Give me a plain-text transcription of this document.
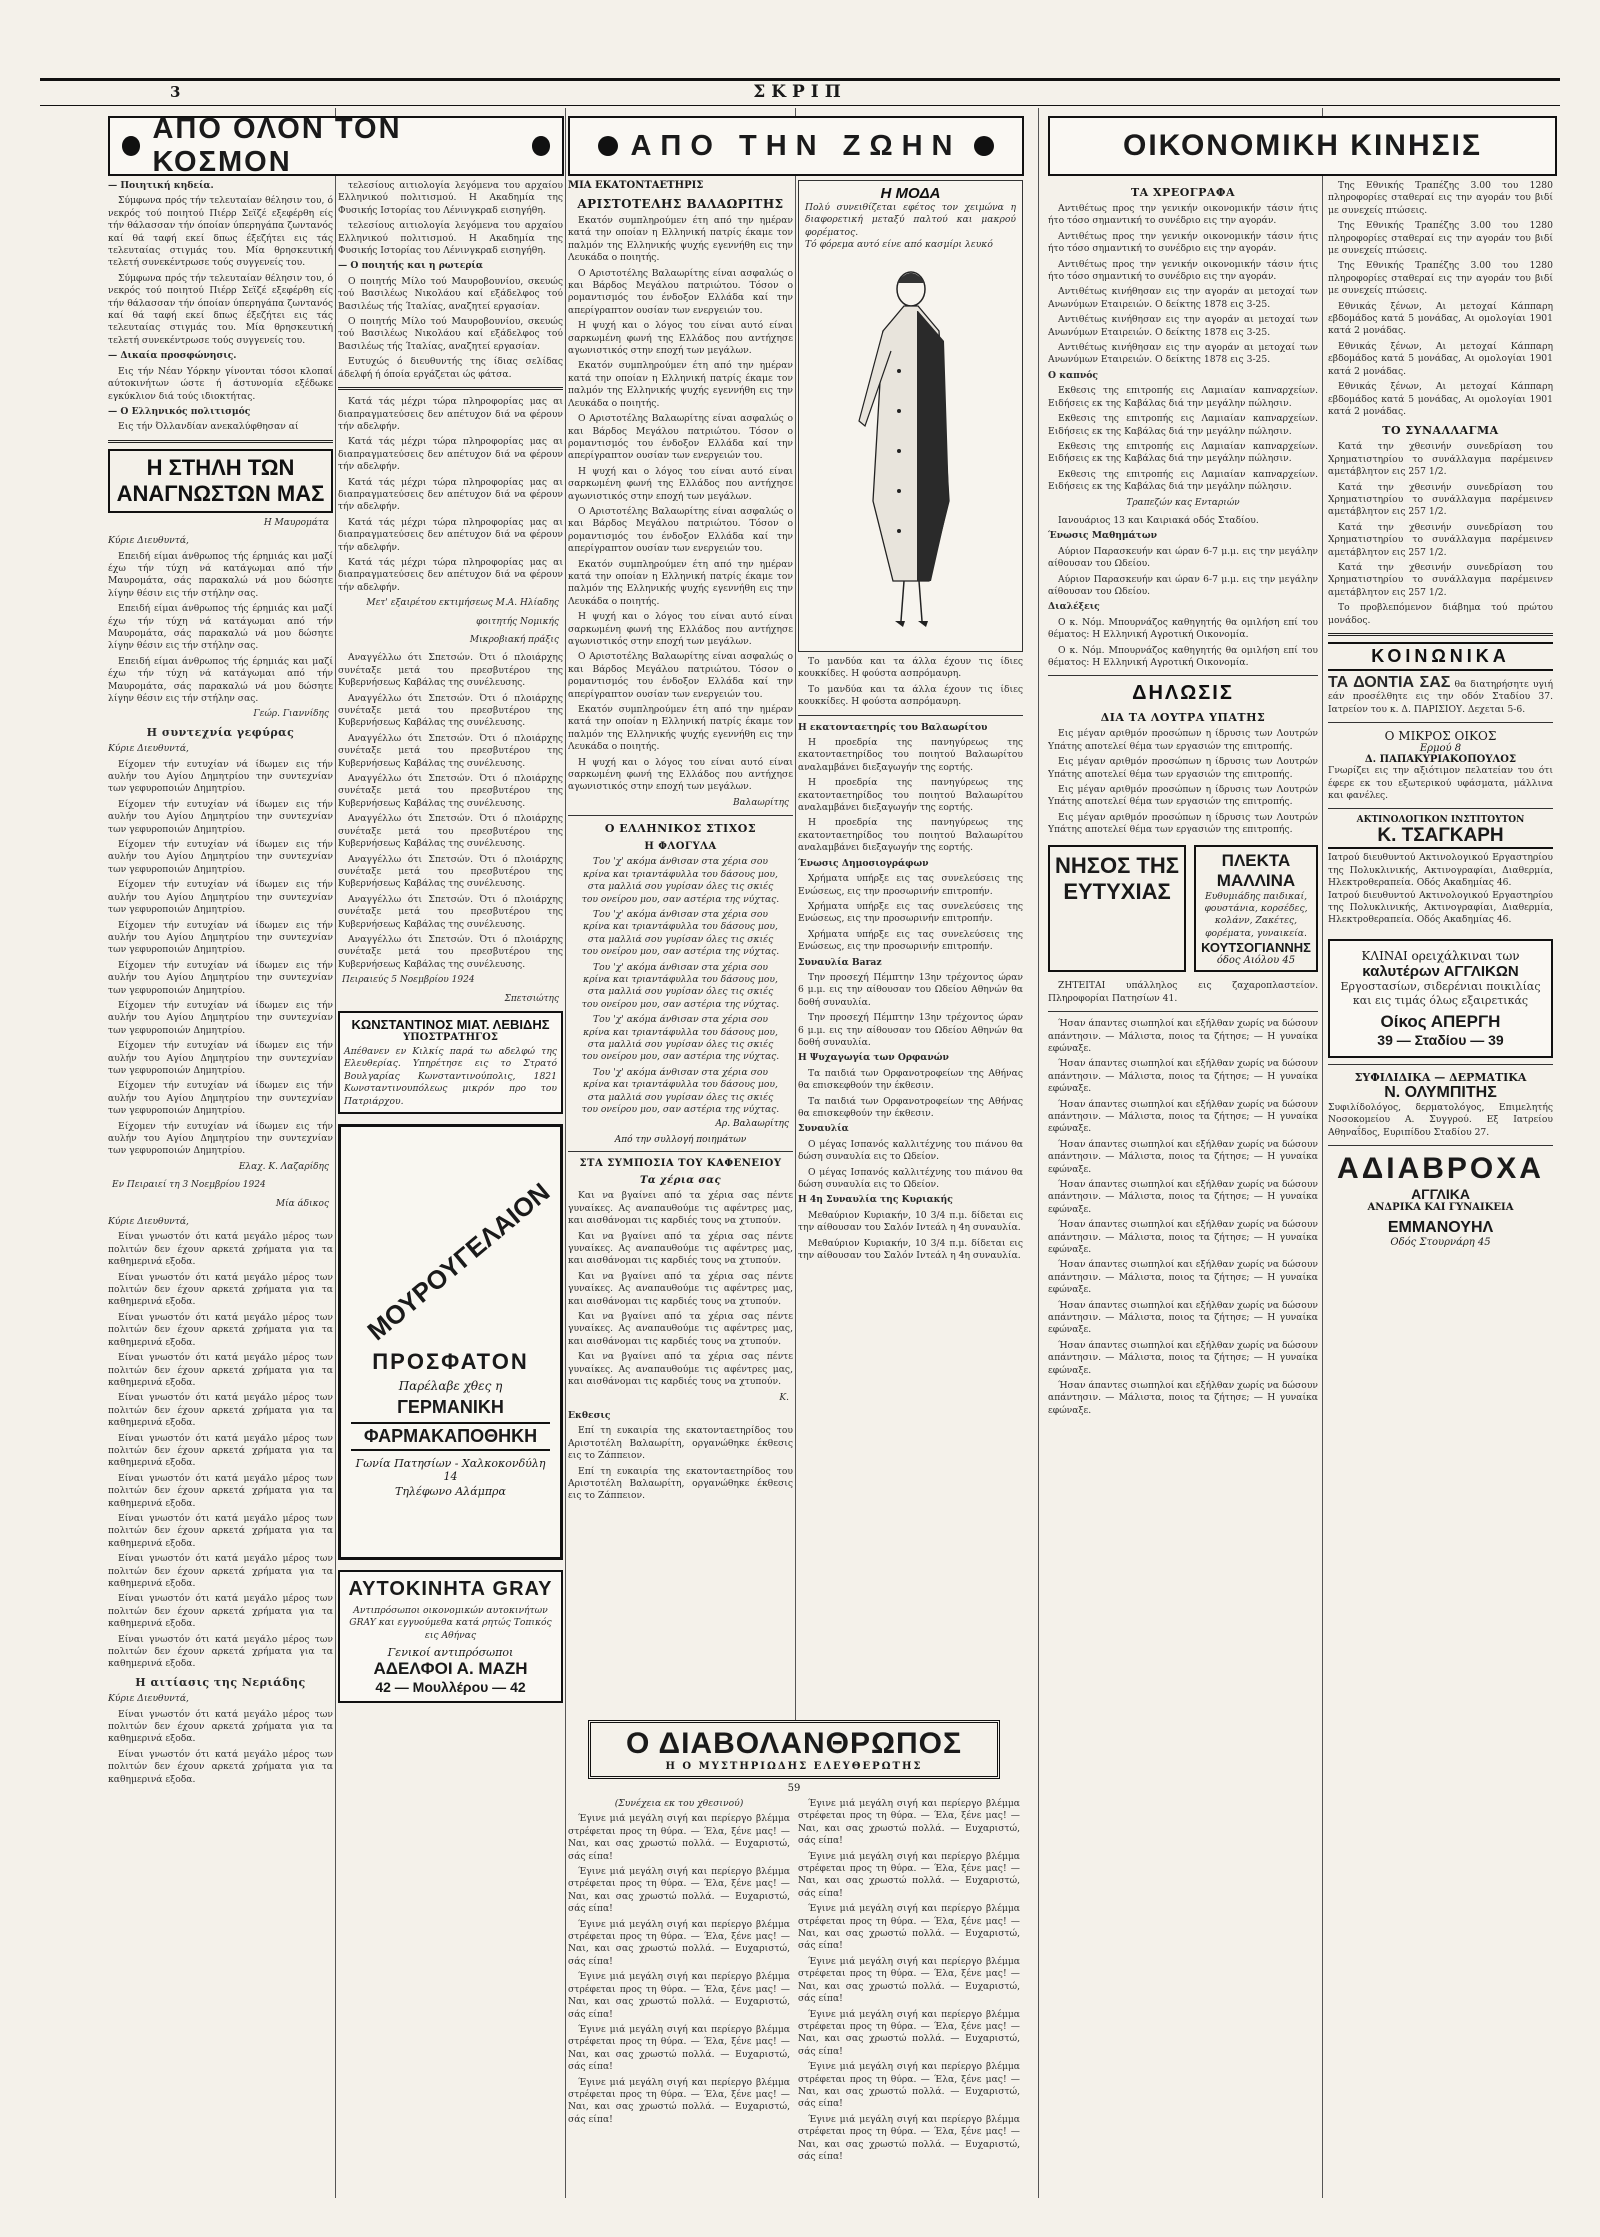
3	ΣΚΡΙΠ
ΑΠΟ ΟΛΟΝ ΤΟΝ ΚΟΣΜΟΝ
ΑΠΟ ΤΗΝ ΖΩΗΝ	ΟΙΚΟΝΟΜΙΚΗ ΚΙΝΗΣΙΣ

— Ποιητική κηδεία.

Σύμφωνα πρός τήν τελευταίαν θέλησιν του, ό νεκρός τού ποιητού Πιέρρ Σεϊζέ εξεφέρθη είς τήν θάλασσαν τήν όποίαν ύπερηγάπα ζωντανός καί θά ταφή εκεί δπως έξεζήτει εις τάς τελευταίας στιγμάς του. Μία θρησκευτική τελετή συνεκέντρωσε τούς συγγενείς του.

Σύμφωνα πρός τήν τελευταίαν θέλησιν του, ό νεκρός τού ποιητού Πιέρρ Σεϊζέ εξεφέρθη είς τήν θάλασσαν τήν όποίαν ύπερηγάπα ζωντανός καί θά ταφή εκεί δπως έξεζήτει εις τάς τελευταίας στιγμάς του. Μία θρησκευτική τελετή συνεκέντρωσε τούς συγγενείς του.

— Δικαία προσφώνησις.

Εις τήν Νέαν Υόρκην γίνονται τόσοι κλοπαί αύτοκινήτων ώστε ή άστυνομία εξέδωκε εγκύκλιον διά τούς ιδιοκτήτας.

— Ο Ελληνικός πολιτισμός

Εις τήν Όλλανδίαν ανεκαλύφθησαν αί

Η ΣΤΗΛΗ ΤΩΝ ΑΝΑΓΝΩΣΤΩΝ ΜΑΣ
Η Μαυρομάτα

Κύριε Διευθυντά,

Επειδή είμαι άνθρωπος τής έρημιάς και μαζί έχω τήν τύχη νά κατάγωμαι από τήν Μαυρομάτα, σάς παρακαλώ νά μου δώσητε λίγην θέσιν εις τήν στήλην σας.

Επειδή είμαι άνθρωπος τής έρημιάς και μαζί έχω τήν τύχη νά κατάγωμαι από τήν Μαυρομάτα, σάς παρακαλώ νά μου δώσητε λίγην θέσιν εις τήν στήλην σας.

Επειδή είμαι άνθρωπος τής έρημιάς και μαζί έχω τήν τύχη νά κατάγωμαι από τήν Μαυρομάτα, σάς παρακαλώ νά μου δώσητε λίγην θέσιν εις τήν στήλην σας.

Γεώρ. Γιαννίδης
Η συντεχνία γεφύρας

Κύριε Διευθυντά,

Είχομεν τήν ευτυχίαν νά ίδωμεν εις τήν αυλήν του Αγίου Δημητρίου την συντεχνίαν των γεφυροποιών Δημητρίου.

Είχομεν τήν ευτυχίαν νά ίδωμεν εις τήν αυλήν του Αγίου Δημητρίου την συντεχνίαν των γεφυροποιών Δημητρίου.

Είχομεν τήν ευτυχίαν νά ίδωμεν εις τήν αυλήν του Αγίου Δημητρίου την συντεχνίαν των γεφυροποιών Δημητρίου.

Είχομεν τήν ευτυχίαν νά ίδωμεν εις τήν αυλήν του Αγίου Δημητρίου την συντεχνίαν των γεφυροποιών Δημητρίου.

Είχομεν τήν ευτυχίαν νά ίδωμεν εις τήν αυλήν του Αγίου Δημητρίου την συντεχνίαν των γεφυροποιών Δημητρίου.

Είχομεν τήν ευτυχίαν νά ίδωμεν εις τήν αυλήν του Αγίου Δημητρίου την συντεχνίαν των γεφυροποιών Δημητρίου.

Είχομεν τήν ευτυχίαν νά ίδωμεν εις τήν αυλήν του Αγίου Δημητρίου την συντεχνίαν των γεφυροποιών Δημητρίου.

Είχομεν τήν ευτυχίαν νά ίδωμεν εις τήν αυλήν του Αγίου Δημητρίου την συντεχνίαν των γεφυροποιών Δημητρίου.

Είχομεν τήν ευτυχίαν νά ίδωμεν εις τήν αυλήν του Αγίου Δημητρίου την συντεχνίαν των γεφυροποιών Δημητρίου.

Είχομεν τήν ευτυχίαν νά ίδωμεν εις τήν αυλήν του Αγίου Δημητρίου την συντεχνίαν των γεφυροποιών Δημητρίου.

Ελαχ. Κ. Λαζαρίδης
Εν Πειραιεί τη 3 Νοεμβρίου 1924
Μία άδικος

Κύριε Διευθυντά,

Είναι γνωστόν ότι κατά μεγάλο μέρος των πολιτών δεν έχουν αρκετά χρήματα για τα καθημερινά εξοδα.

Είναι γνωστόν ότι κατά μεγάλο μέρος των πολιτών δεν έχουν αρκετά χρήματα για τα καθημερινά εξοδα.

Είναι γνωστόν ότι κατά μεγάλο μέρος των πολιτών δεν έχουν αρκετά χρήματα για τα καθημερινά εξοδα.

Είναι γνωστόν ότι κατά μεγάλο μέρος των πολιτών δεν έχουν αρκετά χρήματα για τα καθημερινά εξοδα.

Είναι γνωστόν ότι κατά μεγάλο μέρος των πολιτών δεν έχουν αρκετά χρήματα για τα καθημερινά εξοδα.

Είναι γνωστόν ότι κατά μεγάλο μέρος των πολιτών δεν έχουν αρκετά χρήματα για τα καθημερινά εξοδα.

Είναι γνωστόν ότι κατά μεγάλο μέρος των πολιτών δεν έχουν αρκετά χρήματα για τα καθημερινά εξοδα.

Είναι γνωστόν ότι κατά μεγάλο μέρος των πολιτών δεν έχουν αρκετά χρήματα για τα καθημερινά εξοδα.

Είναι γνωστόν ότι κατά μεγάλο μέρος των πολιτών δεν έχουν αρκετά χρήματα για τα καθημερινά εξοδα.

Είναι γνωστόν ότι κατά μεγάλο μέρος των πολιτών δεν έχουν αρκετά χρήματα για τα καθημερινά εξοδα.

Είναι γνωστόν ότι κατά μεγάλο μέρος των πολιτών δεν έχουν αρκετά χρήματα για τα καθημερινά εξοδα.

Η αιτίασις της Νεριάδης

Κύριε Διευθυντά,

Είναι γνωστόν ότι κατά μεγάλο μέρος των πολιτών δεν έχουν αρκετά χρήματα για τα καθημερινά εξοδα.

Είναι γνωστόν ότι κατά μεγάλο μέρος των πολιτών δεν έχουν αρκετά χρήματα για τα καθημερινά εξοδα.

τελεσίους αιτιολογία λεγόμενα του αρχαίου Ελληνικού πολιτισμού. Η Ακαδημία της Φυσικής Ιστορίας του Λένινγκραδ εισηγήθη.

τελεσίους αιτιολογία λεγόμενα του αρχαίου Ελληνικού πολιτισμού. Η Ακαδημία της Φυσικής Ιστορίας του Λένινγκραδ εισηγήθη.

— Ο ποιητής και η ρωτερία

Ο ποιητής Μίλο τού Μαυροβουνίου, σκευώς τού Βασιλέως Νικολάου καί εξάδελφος τού Βασιλέως τής Ίταλίας, αναζητεί εργασίαν.

Ο ποιητής Μίλο τού Μαυροβουνίου, σκευώς τού Βασιλέως Νικολάου καί εξάδελφος τού Βασιλέως τής Ίταλίας, αναζητεί εργασίαν.

Ευτυχώς ό διευθυντής της ίδιας σελίδας άδελφή ή όποία εργάζεται ώς φάτσα.

Κατά τάς μέχρι τώρα πληροφορίας μας αι διαπραγματεύσεις δεν απέτυχον διά να φέρουν τήν αδελφήν.

Κατά τάς μέχρι τώρα πληροφορίας μας αι διαπραγματεύσεις δεν απέτυχον διά να φέρουν τήν αδελφήν.

Κατά τάς μέχρι τώρα πληροφορίας μας αι διαπραγματεύσεις δεν απέτυχον διά να φέρουν τήν αδελφήν.

Κατά τάς μέχρι τώρα πληροφορίας μας αι διαπραγματεύσεις δεν απέτυχον διά να φέρουν τήν αδελφήν.

Κατά τάς μέχρι τώρα πληροφορίας μας αι διαπραγματεύσεις δεν απέτυχον διά να φέρουν τήν αδελφήν.

Μετ' εξαιρέτου εκτιμήσεως Μ.Α. Ηλίαδης
φοιτητής Νομικής
Μικροβιακή πράξις

Αναγγέλλω ότι Σπετσών. Ότι ό πλοιάρχης συνέταξε μετά του πρεσβυτέρου της Κυβερνήσεως Καβάλας της συνέλευσης.

Αναγγέλλω ότι Σπετσών. Ότι ό πλοιάρχης συνέταξε μετά του πρεσβυτέρου της Κυβερνήσεως Καβάλας της συνέλευσης.

Αναγγέλλω ότι Σπετσών. Ότι ό πλοιάρχης συνέταξε μετά του πρεσβυτέρου της Κυβερνήσεως Καβάλας της συνέλευσης.

Αναγγέλλω ότι Σπετσών. Ότι ό πλοιάρχης συνέταξε μετά του πρεσβυτέρου της Κυβερνήσεως Καβάλας της συνέλευσης.

Αναγγέλλω ότι Σπετσών. Ότι ό πλοιάρχης συνέταξε μετά του πρεσβυτέρου της Κυβερνήσεως Καβάλας της συνέλευσης.

Αναγγέλλω ότι Σπετσών. Ότι ό πλοιάρχης συνέταξε μετά του πρεσβυτέρου της Κυβερνήσεως Καβάλας της συνέλευσης.

Αναγγέλλω ότι Σπετσών. Ότι ό πλοιάρχης συνέταξε μετά του πρεσβυτέρου της Κυβερνήσεως Καβάλας της συνέλευσης.

Αναγγέλλω ότι Σπετσών. Ότι ό πλοιάρχης συνέταξε μετά του πρεσβυτέρου της Κυβερνήσεως Καβάλας της συνέλευσης.

Πειραιεύς 5 Νοεμβρίου 1924
Σπετσιώτης
ΚΩΝΣΤΑΝΤΙΝΟΣ ΜΙΑΤ. ΛΕΒΙΔΗΣ
ΥΠΟΣΤΡΑΤΗΓΟΣ
Απέθανεν εν Κιλκίς παρά τω αδελφώ της Ελευθερίας. Υπηρέτησε εις το Στρατό Βουλγαρίας Κωνσταντινούπολις, 1821 Κωνσταντινουπόλεως μικρόν προ του Πατριάρχου.
ΜΟΥΡΟΥΓΕΛΑΙΟΝ
ΠΡΟΣΦΑΤΟΝ
Παρέλαβε χθες η
ΓΕΡΜΑΝΙΚΗ
ΦΑΡΜΑΚΑΠΟΘΗΚΗ
Γωνία Πατησίων - Χαλκοκονδύλη 14
Τηλέφωνο Αλάμπρα
ΑΥΤΟΚΙΝΗΤΑ GRAY
Αντιπρόσωποι οικονομικών αυτοκινήτων GRAY και εγγυούμεθα κατά ρητώς Τοπικός εις Αθήνας
Γενικοί αντιπρόσωποι
ΑΔΕΛΦΟΙ Α. ΜΑΖΗ
42 — Μουλλέρου — 42
ΜΙΑ ΕΚΑΤΟΝΤΑΕΤΗΡΙΣ
ΑΡΙΣΤΟΤΕΛΗΣ ΒΑΛΑΩΡΙΤΗΣ

Εκατόν συμπληρούμεν έτη από την ημέραν κατά την οποίαν η Ελληνική πατρίς έκαμε τον παλμόν της Ελληνικής ψυχής εγεννήθη εις την Λευκάδα ο ποιητής.

Ο Αριστοτέλης Βαλαωρίτης είναι ασφαλώς ο και Βάρδος Μεγάλου πατριώτου. Τόσον ο ρομαντισμός του ένδοξον Ελλάδα καί την απερίγραπτον ουσίαν των ενεργειών του.

Η ψυχή και ο λόγος του είναι αυτό είναι σαρκωμένη φωνή της Ελλάδος που αντήχησε αγωνιστικός στην εποχή των μεγάλων.

Εκατόν συμπληρούμεν έτη από την ημέραν κατά την οποίαν η Ελληνική πατρίς έκαμε τον παλμόν της Ελληνικής ψυχής εγεννήθη εις την Λευκάδα ο ποιητής.

Ο Αριστοτέλης Βαλαωρίτης είναι ασφαλώς ο και Βάρδος Μεγάλου πατριώτου. Τόσον ο ρομαντισμός του ένδοξον Ελλάδα καί την απερίγραπτον ουσίαν των ενεργειών του.

Η ψυχή και ο λόγος του είναι αυτό είναι σαρκωμένη φωνή της Ελλάδος που αντήχησε αγωνιστικός στην εποχή των μεγάλων.

Ο Αριστοτέλης Βαλαωρίτης είναι ασφαλώς ο και Βάρδος Μεγάλου πατριώτου. Τόσον ο ρομαντισμός του ένδοξον Ελλάδα καί την απερίγραπτον ουσίαν των ενεργειών του.

Εκατόν συμπληρούμεν έτη από την ημέραν κατά την οποίαν η Ελληνική πατρίς έκαμε τον παλμόν της Ελληνικής ψυχής εγεννήθη εις την Λευκάδα ο ποιητής.

Η ψυχή και ο λόγος του είναι αυτό είναι σαρκωμένη φωνή της Ελλάδος που αντήχησε αγωνιστικός στην εποχή των μεγάλων.

Ο Αριστοτέλης Βαλαωρίτης είναι ασφαλώς ο και Βάρδος Μεγάλου πατριώτου. Τόσον ο ρομαντισμός του ένδοξον Ελλάδα καί την απερίγραπτον ουσίαν των ενεργειών του.

Εκατόν συμπληρούμεν έτη από την ημέραν κατά την οποίαν η Ελληνική πατρίς έκαμε τον παλμόν της Ελληνικής ψυχής εγεννήθη εις την Λευκάδα ο ποιητής.

Η ψυχή και ο λόγος του είναι αυτό είναι σαρκωμένη φωνή της Ελλάδος που αντήχησε αγωνιστικός στην εποχή των μεγάλων.

Βαλαωρίτης
Ο ΕΛΛΗΝΙΚΟΣ ΣΤΙΧΟΣ
Η ΦΛΟΓΥΛΑ

Του 'χ' ακόμα άνθισαν στα χέρια σου κρίνα και τριαντάφυλλα του δάσους μου, στα μαλλιά σου γυρίσαν όλες τις σκιές του ονείρου μου, σαν αστέρια της νύχτας.

Του 'χ' ακόμα άνθισαν στα χέρια σου κρίνα και τριαντάφυλλα του δάσους μου, στα μαλλιά σου γυρίσαν όλες τις σκιές του ονείρου μου, σαν αστέρια της νύχτας.

Του 'χ' ακόμα άνθισαν στα χέρια σου κρίνα και τριαντάφυλλα του δάσους μου, στα μαλλιά σου γυρίσαν όλες τις σκιές του ονείρου μου, σαν αστέρια της νύχτας.

Του 'χ' ακόμα άνθισαν στα χέρια σου κρίνα και τριαντάφυλλα του δάσους μου, στα μαλλιά σου γυρίσαν όλες τις σκιές του ονείρου μου, σαν αστέρια της νύχτας.

Του 'χ' ακόμα άνθισαν στα χέρια σου κρίνα και τριαντάφυλλα του δάσους μου, στα μαλλιά σου γυρίσαν όλες τις σκιές του ονείρου μου, σαν αστέρια της νύχτας.

Αρ. Βαλαωρίτης
Από την συλλογή ποιημάτων
ΣΤΑ ΣΥΜΠΟΣΙΑ ΤΟΥ ΚΑΦΕΝΕΙΟΥ
Τα χέρια σας

Και να βγαίνει από τα χέρια σας πέντε γυναίκες. Ας αναπαυθούμε τις αφέντρες μας, και αισθάνομαι τις καρδιές τους να χτυπούν.

Και να βγαίνει από τα χέρια σας πέντε γυναίκες. Ας αναπαυθούμε τις αφέντρες μας, και αισθάνομαι τις καρδιές τους να χτυπούν.

Και να βγαίνει από τα χέρια σας πέντε γυναίκες. Ας αναπαυθούμε τις αφέντρες μας, και αισθάνομαι τις καρδιές τους να χτυπούν.

Και να βγαίνει από τα χέρια σας πέντε γυναίκες. Ας αναπαυθούμε τις αφέντρες μας, και αισθάνομαι τις καρδιές τους να χτυπούν.

Και να βγαίνει από τα χέρια σας πέντε γυναίκες. Ας αναπαυθούμε τις αφέντρες μας, και αισθάνομαι τις καρδιές τους να χτυπούν.

Κ.

Εκθεσις

Επί τη ευκαιρία της εκατονταετηρίδος του Αριστοτέλη Βαλαωρίτη, οργανώθηκε έκθεσις εις το Ζάππειον.

Επί τη ευκαιρία της εκατονταετηρίδος του Αριστοτέλη Βαλαωρίτη, οργανώθηκε έκθεσις εις το Ζάππειον.

Η ΜΟΔΑ
Πολύ συνειθίζεται εφέτος τον χειμώνα η διαφορετική μεταξύ παλτού και μακρού φορέματος.
Τό φόρεμα αυτό είνε από κασμίρι λευκό

Το μανδύα και τα άλλα έχουν τις ίδιες κουκκίδες. Η φούστα ασπρόμαυρη.

Το μανδύα και τα άλλα έχουν τις ίδιες κουκκίδες. Η φούστα ασπρόμαυρη.

Η εκατονταετηρίς του Βαλαωρίτου

Η προεδρία της πανηγύρεως της εκατονταετηρίδος του ποιητού Βαλαωρίτου αναλαμβάνει διεξαγωγήν της εορτής.

Η προεδρία της πανηγύρεως της εκατονταετηρίδος του ποιητού Βαλαωρίτου αναλαμβάνει διεξαγωγήν της εορτής.

Η προεδρία της πανηγύρεως της εκατονταετηρίδος του ποιητού Βαλαωρίτου αναλαμβάνει διεξαγωγήν της εορτής.

Ένωσις Δημοσιογράφων

Χρήματα υπήρξε εις τας συνελεύσεις της Ενώσεως, εις την προσωρινήν επιτροπήν.

Χρήματα υπήρξε εις τας συνελεύσεις της Ενώσεως, εις την προσωρινήν επιτροπήν.

Χρήματα υπήρξε εις τας συνελεύσεις της Ενώσεως, εις την προσωρινήν επιτροπήν.

Συναυλία Baraz

Την προσεχή Πέμπτην 13ην τρέχοντος ώραν 6 μ.μ. εις την αίθουσαν του Ωδείου Αθηνών θα δοθή συναυλία.

Την προσεχή Πέμπτην 13ην τρέχοντος ώραν 6 μ.μ. εις την αίθουσαν του Ωδείου Αθηνών θα δοθή συναυλία.

Η Ψυχαγωγία των Ορφανών

Τα παιδιά των Ορφανοτροφείων της Αθήνας θα επισκεφθούν την έκθεσιν.

Τα παιδιά των Ορφανοτροφείων της Αθήνας θα επισκεφθούν την έκθεσιν.

Συναυλία

Ο μέγας Ισπανός καλλιτέχνης του πιάνου θα δώση συναυλία εις το Ωδείον.

Ο μέγας Ισπανός καλλιτέχνης του πιάνου θα δώση συναυλία εις το Ωδείον.

Η 4η Συναυλία της Κυριακής

Μεθαύριον Κυριακήν, 10 3/4 π.μ. δίδεται εις την αίθουσαν του Σαλόν Ιντεάλ η 4η συναυλία.

Μεθαύριον Κυριακήν, 10 3/4 π.μ. δίδεται εις την αίθουσαν του Σαλόν Ιντεάλ η 4η συναυλία.

Ο ΔΙΑΒΟΛΑΝΘΡΩΠΟΣ
Η Ο ΜΥΣΤΗΡΙΩΔΗΣ ΕΛΕΥΘΕΡΩΤΗΣ
59

(Συνέχεια εκ του χθεσινού)

Έγινε μιά μεγάλη σιγή και περίεργο βλέμμα στρέφεται προς τη θύρα. — Έλα, ξένε μας! — Ναι, και σας χρωστώ πολλά. — Ευχαριστώ, σάς είπα!

Έγινε μιά μεγάλη σιγή και περίεργο βλέμμα στρέφεται προς τη θύρα. — Έλα, ξένε μας! — Ναι, και σας χρωστώ πολλά. — Ευχαριστώ, σάς είπα!

Έγινε μιά μεγάλη σιγή και περίεργο βλέμμα στρέφεται προς τη θύρα. — Έλα, ξένε μας! — Ναι, και σας χρωστώ πολλά. — Ευχαριστώ, σάς είπα!

Έγινε μιά μεγάλη σιγή και περίεργο βλέμμα στρέφεται προς τη θύρα. — Έλα, ξένε μας! — Ναι, και σας χρωστώ πολλά. — Ευχαριστώ, σάς είπα!

Έγινε μιά μεγάλη σιγή και περίεργο βλέμμα στρέφεται προς τη θύρα. — Έλα, ξένε μας! — Ναι, και σας χρωστώ πολλά. — Ευχαριστώ, σάς είπα!

Έγινε μιά μεγάλη σιγή και περίεργο βλέμμα στρέφεται προς τη θύρα. — Έλα, ξένε μας! — Ναι, και σας χρωστώ πολλά. — Ευχαριστώ, σάς είπα!

Έγινε μιά μεγάλη σιγή και περίεργο βλέμμα στρέφεται προς τη θύρα. — Έλα, ξένε μας! — Ναι, και σας χρωστώ πολλά. — Ευχαριστώ, σάς είπα!

Έγινε μιά μεγάλη σιγή και περίεργο βλέμμα στρέφεται προς τη θύρα. — Έλα, ξένε μας! — Ναι, και σας χρωστώ πολλά. — Ευχαριστώ, σάς είπα!

Έγινε μιά μεγάλη σιγή και περίεργο βλέμμα στρέφεται προς τη θύρα. — Έλα, ξένε μας! — Ναι, και σας χρωστώ πολλά. — Ευχαριστώ, σάς είπα!

Έγινε μιά μεγάλη σιγή και περίεργο βλέμμα στρέφεται προς τη θύρα. — Έλα, ξένε μας! — Ναι, και σας χρωστώ πολλά. — Ευχαριστώ, σάς είπα!

Έγινε μιά μεγάλη σιγή και περίεργο βλέμμα στρέφεται προς τη θύρα. — Έλα, ξένε μας! — Ναι, και σας χρωστώ πολλά. — Ευχαριστώ, σάς είπα!

Έγινε μιά μεγάλη σιγή και περίεργο βλέμμα στρέφεται προς τη θύρα. — Έλα, ξένε μας! — Ναι, και σας χρωστώ πολλά. — Ευχαριστώ, σάς είπα!

Έγινε μιά μεγάλη σιγή και περίεργο βλέμμα στρέφεται προς τη θύρα. — Έλα, ξένε μας! — Ναι, και σας χρωστώ πολλά. — Ευχαριστώ, σάς είπα!

ΤΑ ΧΡΕΟΓΡΑΦΑ

Αντιθέτως προς την γενικήν οικονομικήν τάσιν ήτις ήτο τόσο σημαντική το συνέδριο εις την αγοράν.

Αντιθέτως προς την γενικήν οικονομικήν τάσιν ήτις ήτο τόσο σημαντική το συνέδριο εις την αγοράν.

Αντιθέτως προς την γενικήν οικονομικήν τάσιν ήτις ήτο τόσο σημαντική το συνέδριο εις την αγοράν.

Αντιθέτως κινήθησαν εις την αγοράν αι μετοχαί των Ανωνύμων Εταιρειών. Ο δείκτης 1878 εις 3-25.

Αντιθέτως κινήθησαν εις την αγοράν αι μετοχαί των Ανωνύμων Εταιρειών. Ο δείκτης 1878 εις 3-25.

Αντιθέτως κινήθησαν εις την αγοράν αι μετοχαί των Ανωνύμων Εταιρειών. Ο δείκτης 1878 εις 3-25.

Ο καπνός

Εκθεσις της επιτροπής εις Λαμιαίαν καπναρχείων. Ειδήσεις εκ της Καβάλας διά την μεγάλην πώλησιν.

Εκθεσις της επιτροπής εις Λαμιαίαν καπναρχείων. Ειδήσεις εκ της Καβάλας διά την μεγάλην πώλησιν.

Εκθεσις της επιτροπής εις Λαμιαίαν καπναρχείων. Ειδήσεις εκ της Καβάλας διά την μεγάλην πώλησιν.

Εκθεσις της επιτροπής εις Λαμιαίαν καπναρχείων. Ειδήσεις εκ της Καβάλας διά την μεγάλην πώλησιν.

Τραπεζών κας Ενταριών

Ιανουάριος 13 και Καιριακά οδός Σταδίου.

Ένωσις Μαθημάτων

Αύριον Παρασκευήν και ώραν 6-7 μ.μ. εις την μεγάλην αίθουσαν του Ωδείου.

Αύριον Παρασκευήν και ώραν 6-7 μ.μ. εις την μεγάλην αίθουσαν του Ωδείου.

Διαλέξεις

Ο κ. Νόμ. Μπουρνάζος καθηγητής θα ομιλήση επί του θέματος: Η Ελληνική Αγροτική Οικονομία.

Ο κ. Νόμ. Μπουρνάζος καθηγητής θα ομιλήση επί του θέματος: Η Ελληνική Αγροτική Οικονομία.

ΔΗΛΩΣΙΣ
ΔΙΑ ΤΑ ΛΟΥΤΡΑ ΥΠΑΤΗΣ

Εις μέγαν αριθμόν προσώπων η ίδρυσις των Λουτρών Υπάτης αποτελεί θέμα των εργασιών της επιτροπής.

Εις μέγαν αριθμόν προσώπων η ίδρυσις των Λουτρών Υπάτης αποτελεί θέμα των εργασιών της επιτροπής.

Εις μέγαν αριθμόν προσώπων η ίδρυσις των Λουτρών Υπάτης αποτελεί θέμα των εργασιών της επιτροπής.

Εις μέγαν αριθμόν προσώπων η ίδρυσις των Λουτρών Υπάτης αποτελεί θέμα των εργασιών της επιτροπής.

ΝΗΣΟΣ ΤΗΣ
ΕΥΤΥΧΙΑΣ
ΠΛΕΚΤΑ ΜΑΛΛΙΝΑ
Ευθυμιάδης παιδικαί, φουστάνια, κορσέδες, κολάνν, Ζακέτες, φορέματα, γυναικεία.
ΚΟΥΤΣΟΓΙΑΝΝΗΣ
όδος Αιόλου 45

ΖΗΤΕΙΤΑΙ υπάλληλος εις ζαχαροπλαστείον. Πληροφορίαι Πατησίων 41.

Ήσαν άπαντες σιωπηλοί και εξήλθαν χωρίς να δώσουν απάντησιν. — Μάλιστα, ποιος τα ζήτησε; — Η γυναίκα εφώναξε.

Ήσαν άπαντες σιωπηλοί και εξήλθαν χωρίς να δώσουν απάντησιν. — Μάλιστα, ποιος τα ζήτησε; — Η γυναίκα εφώναξε.

Ήσαν άπαντες σιωπηλοί και εξήλθαν χωρίς να δώσουν απάντησιν. — Μάλιστα, ποιος τα ζήτησε; — Η γυναίκα εφώναξε.

Ήσαν άπαντες σιωπηλοί και εξήλθαν χωρίς να δώσουν απάντησιν. — Μάλιστα, ποιος τα ζήτησε; — Η γυναίκα εφώναξε.

Ήσαν άπαντες σιωπηλοί και εξήλθαν χωρίς να δώσουν απάντησιν. — Μάλιστα, ποιος τα ζήτησε; — Η γυναίκα εφώναξε.

Ήσαν άπαντες σιωπηλοί και εξήλθαν χωρίς να δώσουν απάντησιν. — Μάλιστα, ποιος τα ζήτησε; — Η γυναίκα εφώναξε.

Ήσαν άπαντες σιωπηλοί και εξήλθαν χωρίς να δώσουν απάντησιν. — Μάλιστα, ποιος τα ζήτησε; — Η γυναίκα εφώναξε.

Ήσαν άπαντες σιωπηλοί και εξήλθαν χωρίς να δώσουν απάντησιν. — Μάλιστα, ποιος τα ζήτησε; — Η γυναίκα εφώναξε.

Ήσαν άπαντες σιωπηλοί και εξήλθαν χωρίς να δώσουν απάντησιν. — Μάλιστα, ποιος τα ζήτησε; — Η γυναίκα εφώναξε.

Ήσαν άπαντες σιωπηλοί και εξήλθαν χωρίς να δώσουν απάντησιν. — Μάλιστα, ποιος τα ζήτησε; — Η γυναίκα εφώναξε.

Της Εθνικής Τραπέζης 3.00 του 1280 πληροφορίες σταθεραί εις την αγοράν του βιδί με συνεχείς πτώσεις.

Της Εθνικής Τραπέζης 3.00 του 1280 πληροφορίες σταθεραί εις την αγοράν του βιδί με συνεχείς πτώσεις.

Της Εθνικής Τραπέζης 3.00 του 1280 πληροφορίες σταθεραί εις την αγοράν του βιδί με συνεχείς πτώσεις.

Εθνικάς ξένων, Αι μετοχαί Κάππαρη εβδομάδος κατά 5 μονάδας, Αι ομολογίαι 1901 κατά 2 μονάδας.

Εθνικάς ξένων, Αι μετοχαί Κάππαρη εβδομάδος κατά 5 μονάδας, Αι ομολογίαι 1901 κατά 2 μονάδας.

Εθνικάς ξένων, Αι μετοχαί Κάππαρη εβδομάδος κατά 5 μονάδας, Αι ομολογίαι 1901 κατά 2 μονάδας.

ΤΟ ΣΥΝΑΛΛΑΓΜΑ

Κατά την χθεσινήν συνεδρίαση του Χρηματιστηρίου το συνάλλαγμα παρέμεινεν αμετάβλητον εις 257 1/2.

Κατά την χθεσινήν συνεδρίαση του Χρηματιστηρίου το συνάλλαγμα παρέμεινεν αμετάβλητον εις 257 1/2.

Κατά την χθεσινήν συνεδρίαση του Χρηματιστηρίου το συνάλλαγμα παρέμεινεν αμετάβλητον εις 257 1/2.

Κατά την χθεσινήν συνεδρίαση του Χρηματιστηρίου το συνάλλαγμα παρέμεινεν αμετάβλητον εις 257 1/2.

Το προβλεπόμενον διάβημα τού πρώτου μονάδος.

ΚΟΙΝΩΝΙΚΑ
ΤΑ ΔΟΝΤΙΑ ΣΑΣ θα διατηρήσητε υγιή εάν προσέλθητε εις την οδόν Σταδίου 37. Ιατρείον του κ. Δ. ΠΑΡΙΣΙΟΥ. Δεχεται 5-6.
Ο ΜΙΚΡΟΣ ΟΙΚΟΣ
Ερμού 8
Δ. ΠΑΠΑΚΥΡΙΑΚΟΠΟΥΛΟΣ
Γνωρίζει εις την αξιότιμον πελατείαν του ότι έφερε εκ του εξωτερικού υφάσματα, μάλλινα και φανέλες.
ΑΚΤΙΝΟΛΟΓΙΚΟΝ ΙΝΣΤΙΤΟΥΤΟΝ
Κ. ΤΣΑΓΚΑΡΗ
Ιατρού διευθυντού Ακτινολογικού Εργαστηρίου της Πολυκλινικής, Ακτινογραφίαι, Διαθερμία, Ηλεκτροθεραπεία. Οδός Ακαδημίας 46.
Ιατρού διευθυντού Ακτινολογικού Εργαστηρίου της Πολυκλινικής, Ακτινογραφίαι, Διαθερμία, Ηλεκτροθεραπεία. Οδός Ακαδημίας 46.
ΚΛΙΝΑΙ ορειχάλκιναι των
καλυτέρων ΑΓΓΛΙΚΩΝ
Εργοστασίων, σιδερένιαι ποικιλίας και εις τιμάς όλως εξαιρετικάς
Οίκος ΑΠΕΡΓΗ
39 — Σταδίου — 39
ΣΥΦΙΛΙΔΙΚΑ — ΔΕΡΜΑΤΙΚΑ
Ν. ΟΛΥΜΠΙΤΗΣ
Συφιλίδολόγος, δερματολόγος, Επιμελητής Νοσοκομείου Α. Συγγρού. Εξ Ιατρείου Αθηναΐδος, Ευριπίδου Σταδίου 27.
ΑΔΙΑΒΡΟΧΑ
ΑΓΓΛΙΚΑ
ΑΝΔΡΙΚΑ ΚΑΙ ΓΥΝΑΙΚΕΙΑ
ΕΜΜΑΝΟΥΗΛ
Οδός Στουρνάρη 45
